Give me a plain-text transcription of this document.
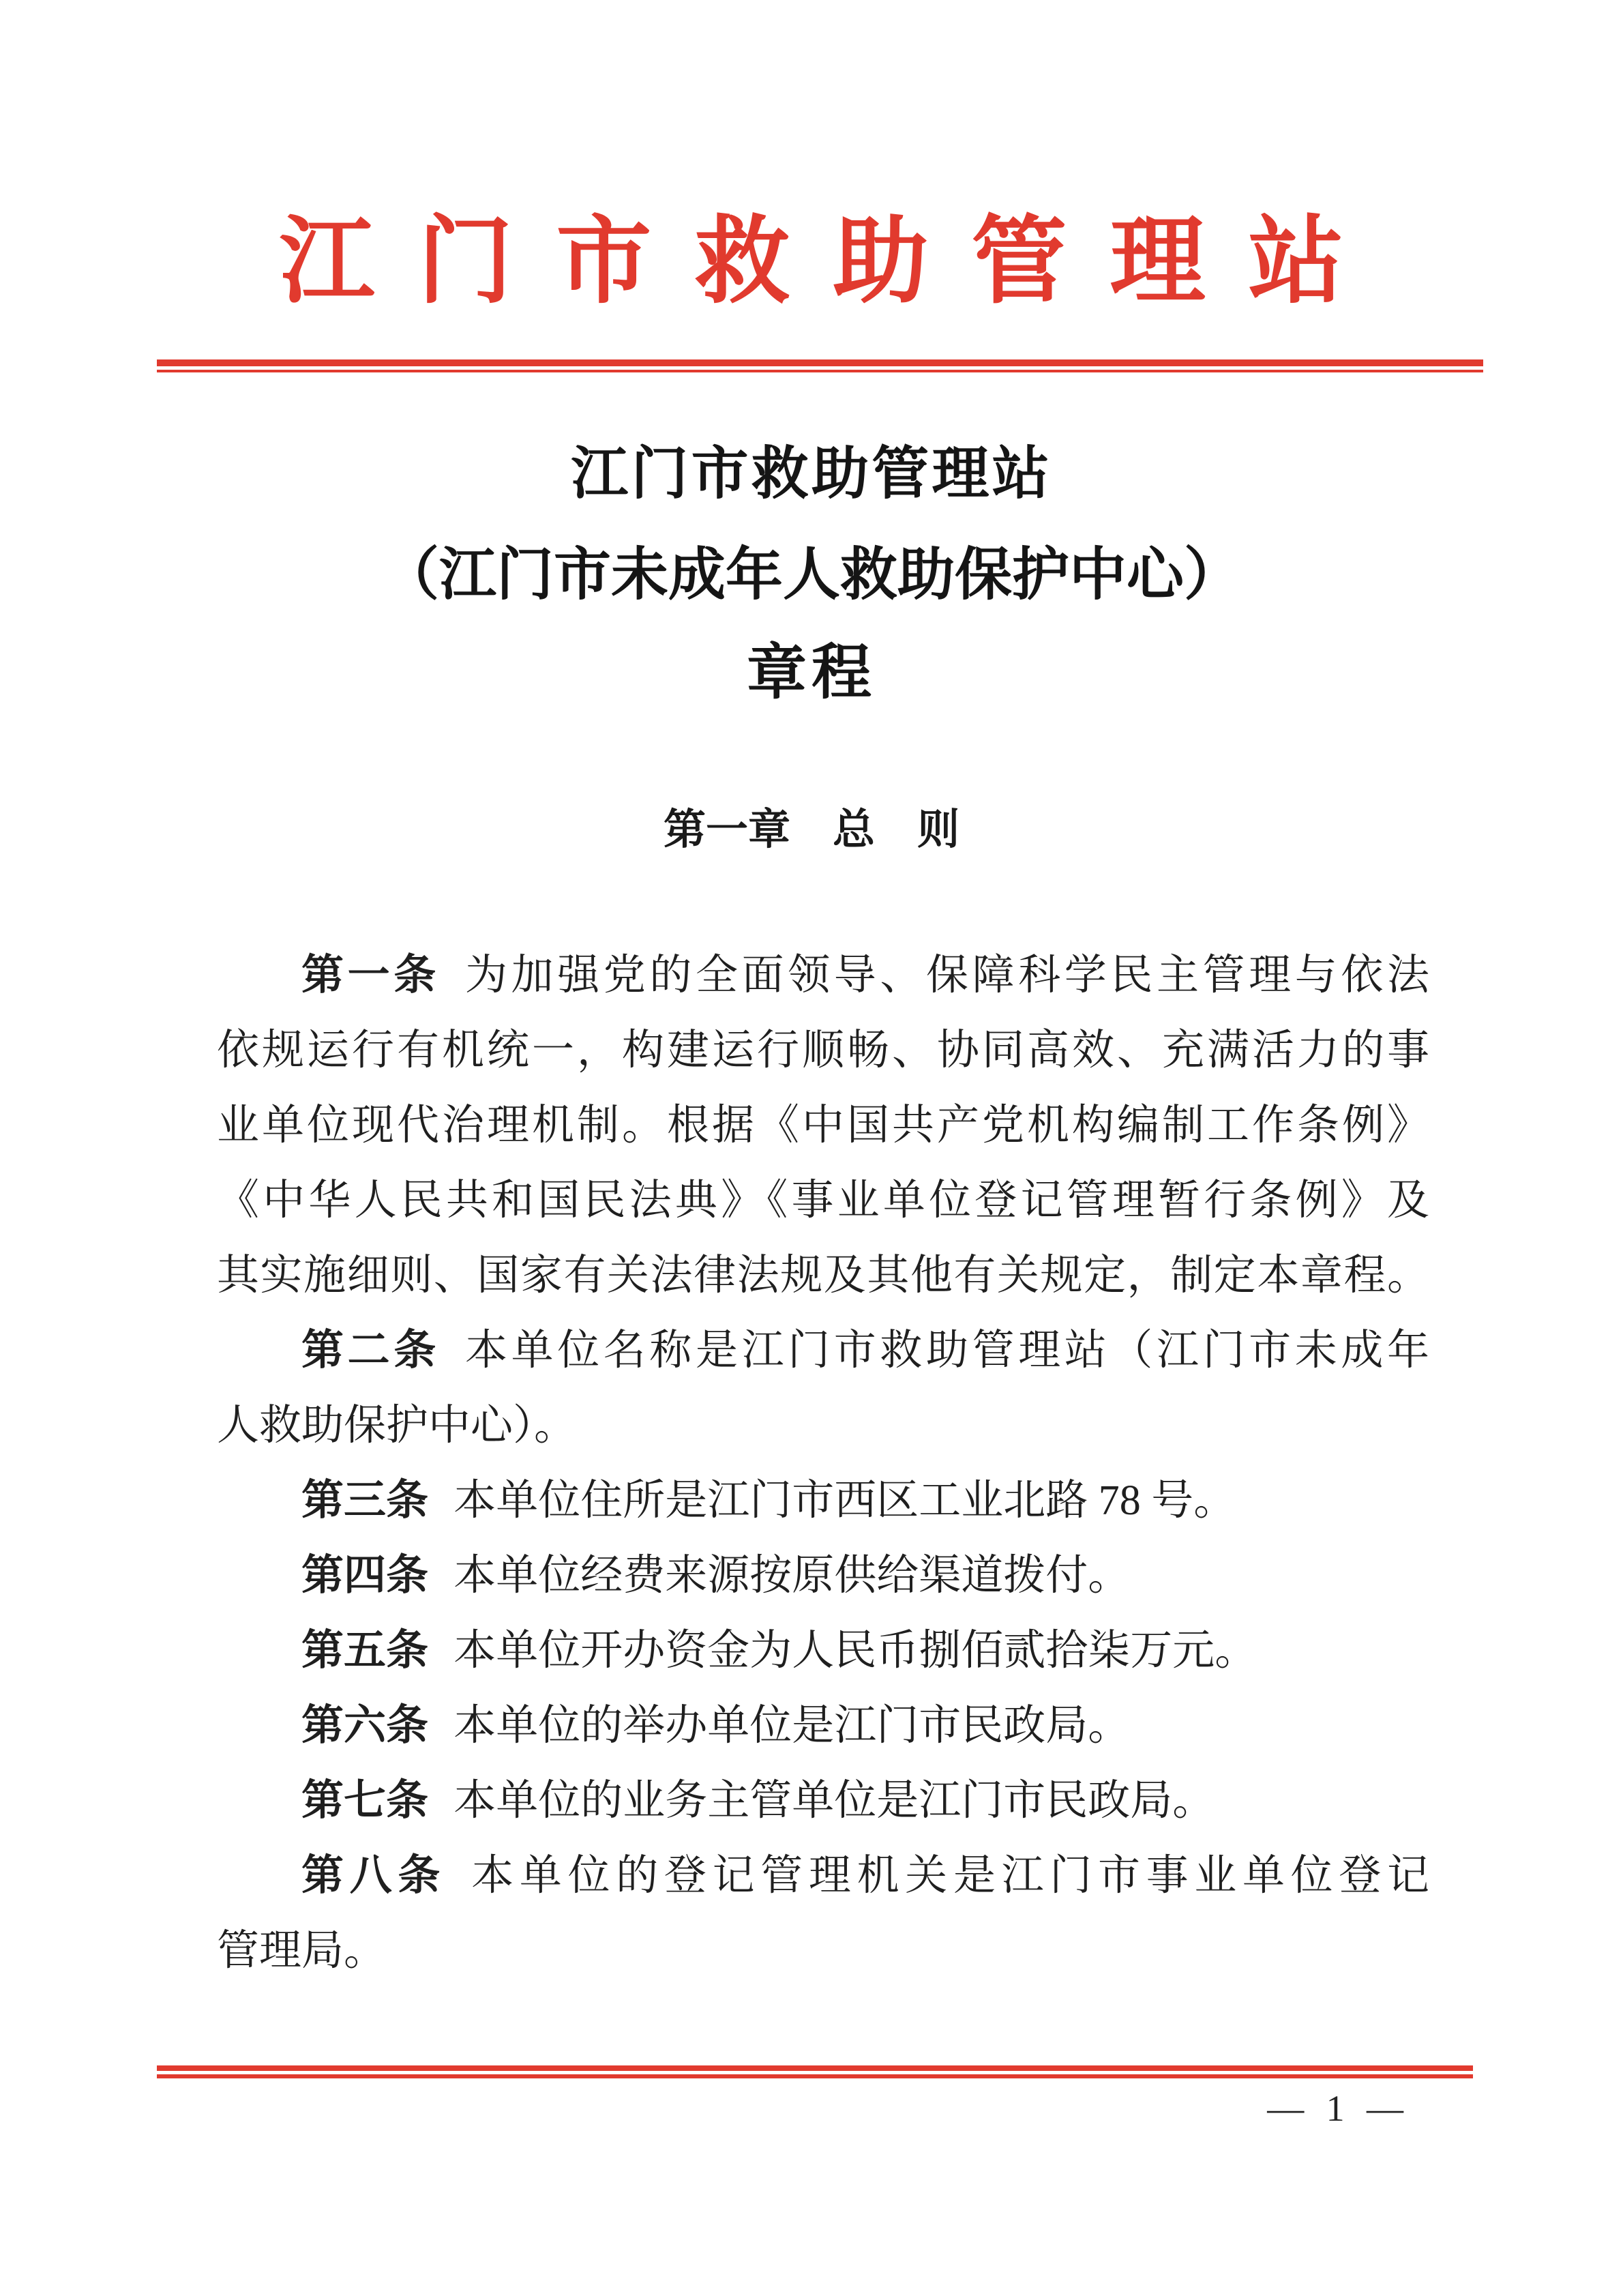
江门市救助管理站
江门市救助管理站
（江门市未成年人救助保护中心）
章程
第一章　总　则
第一条 为加强党的全面领导、保障科学民主管理与依法
依规运行有机统一，构建运行顺畅、协同高效、充满活力的事
业单位现代治理机制。根据《中国共产党机构编制工作条例》
《中华人民共和国民法典》《事业单位登记管理暂行条例》及
其实施细则、国家有关法律法规及其他有关规定，制定本章程。
第二条 本单位名称是江门市救助管理站（江门市未成年
人救助保护中心）。
第三条 本单位住所是江门市西区工业北路 78 号。
第四条 本单位经费来源按原供给渠道拨付。
第五条 本单位开办资金为人民币捌佰贰拾柒万元。
第六条 本单位的举办单位是江门市民政局。
第七条 本单位的业务主管单位是江门市民政局。
第八条 本单位的登记管理机关是江门市事业单位登记
管理局。

— 1 —
